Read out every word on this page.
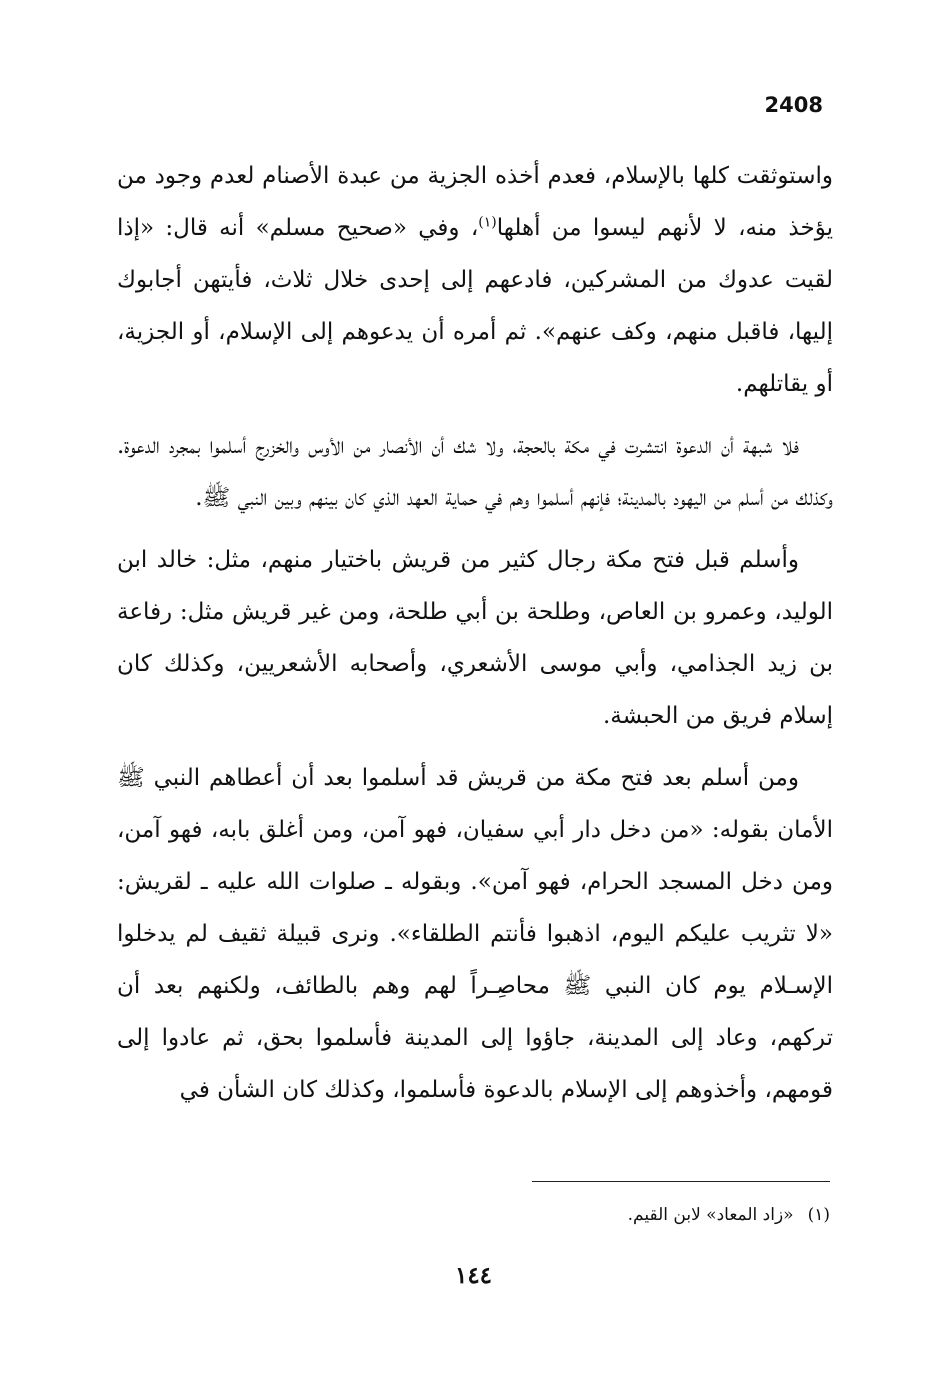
2408

واستوثقت كلها بالإسلام، فعدم أخذه الجزية من عبدة الأصنام لعدم وجود من يؤخذ منه، لا لأنهم ليسوا من أهلها$^{(١)}$، وفي «صحيح مسلم» أنه قال: «إذا لقيت عدوك من المشركين، فادعهم إلى إحدى خلال ثلاث، فأيتهن أجابوك إليها، فاقبل منهم، وكف عنهم». ثم أمره أن يدعوهم إلى الإسلام، أو الجزية، أو يقاتلهم.

فلا شبهة أن الدعوة انتشرت في مكة بالحجة، ولا شك أن الأنصار من الأوس والخزرج أسلموا بمجرد الدعوة. وكذلك من أسلم من اليهود بالمدينة؛ فإنهم أسلموا وهم في حماية العهد الذي كان بينهم وبين النبي ﷺ.

وأسلم قبل فتح مكة رجال كثير من قريش باختيار منهم، مثل: خالد ابن الوليد، وعمرو بن العاص، وطلحة بن أبي طلحة، ومن غير قريش مثل: رفاعة بن زيد الجذامي، وأبي موسى الأشعري، وأصحابه الأشعريين، وكذلك كان إسلام فريق من الحبشة.

ومن أسلم بعد فتح مكة من قريش قد أسلموا بعد أن أعطاهم النبي ﷺ الأمان بقوله: «من دخل دار أبي سفيان، فهو آمن، ومن أغلق بابه، فهو آمن، ومن دخل المسجد الحرام، فهو آمن». وبقوله ـ صلوات الله عليه ـ لقريش: «لا تثريب عليكم اليوم، اذهبوا فأنتم الطلقاء». ونرى قبيلة ثقيف لم يدخلوا الإسـلام يوم كان النبي ﷺ محاصِـراً لهم وهم بالطائف، ولكنهم بعد أن تركهم، وعاد إلى المدينة، جاؤوا إلى المدينة فأسلموا بحق، ثم عادوا إلى قومهم، وأخذوهم إلى الإسلام بالدعوة فأسلموا، وكذلك كان الشأن في

(١)«زاد المعاد» لابن القيم.
١٤٤
